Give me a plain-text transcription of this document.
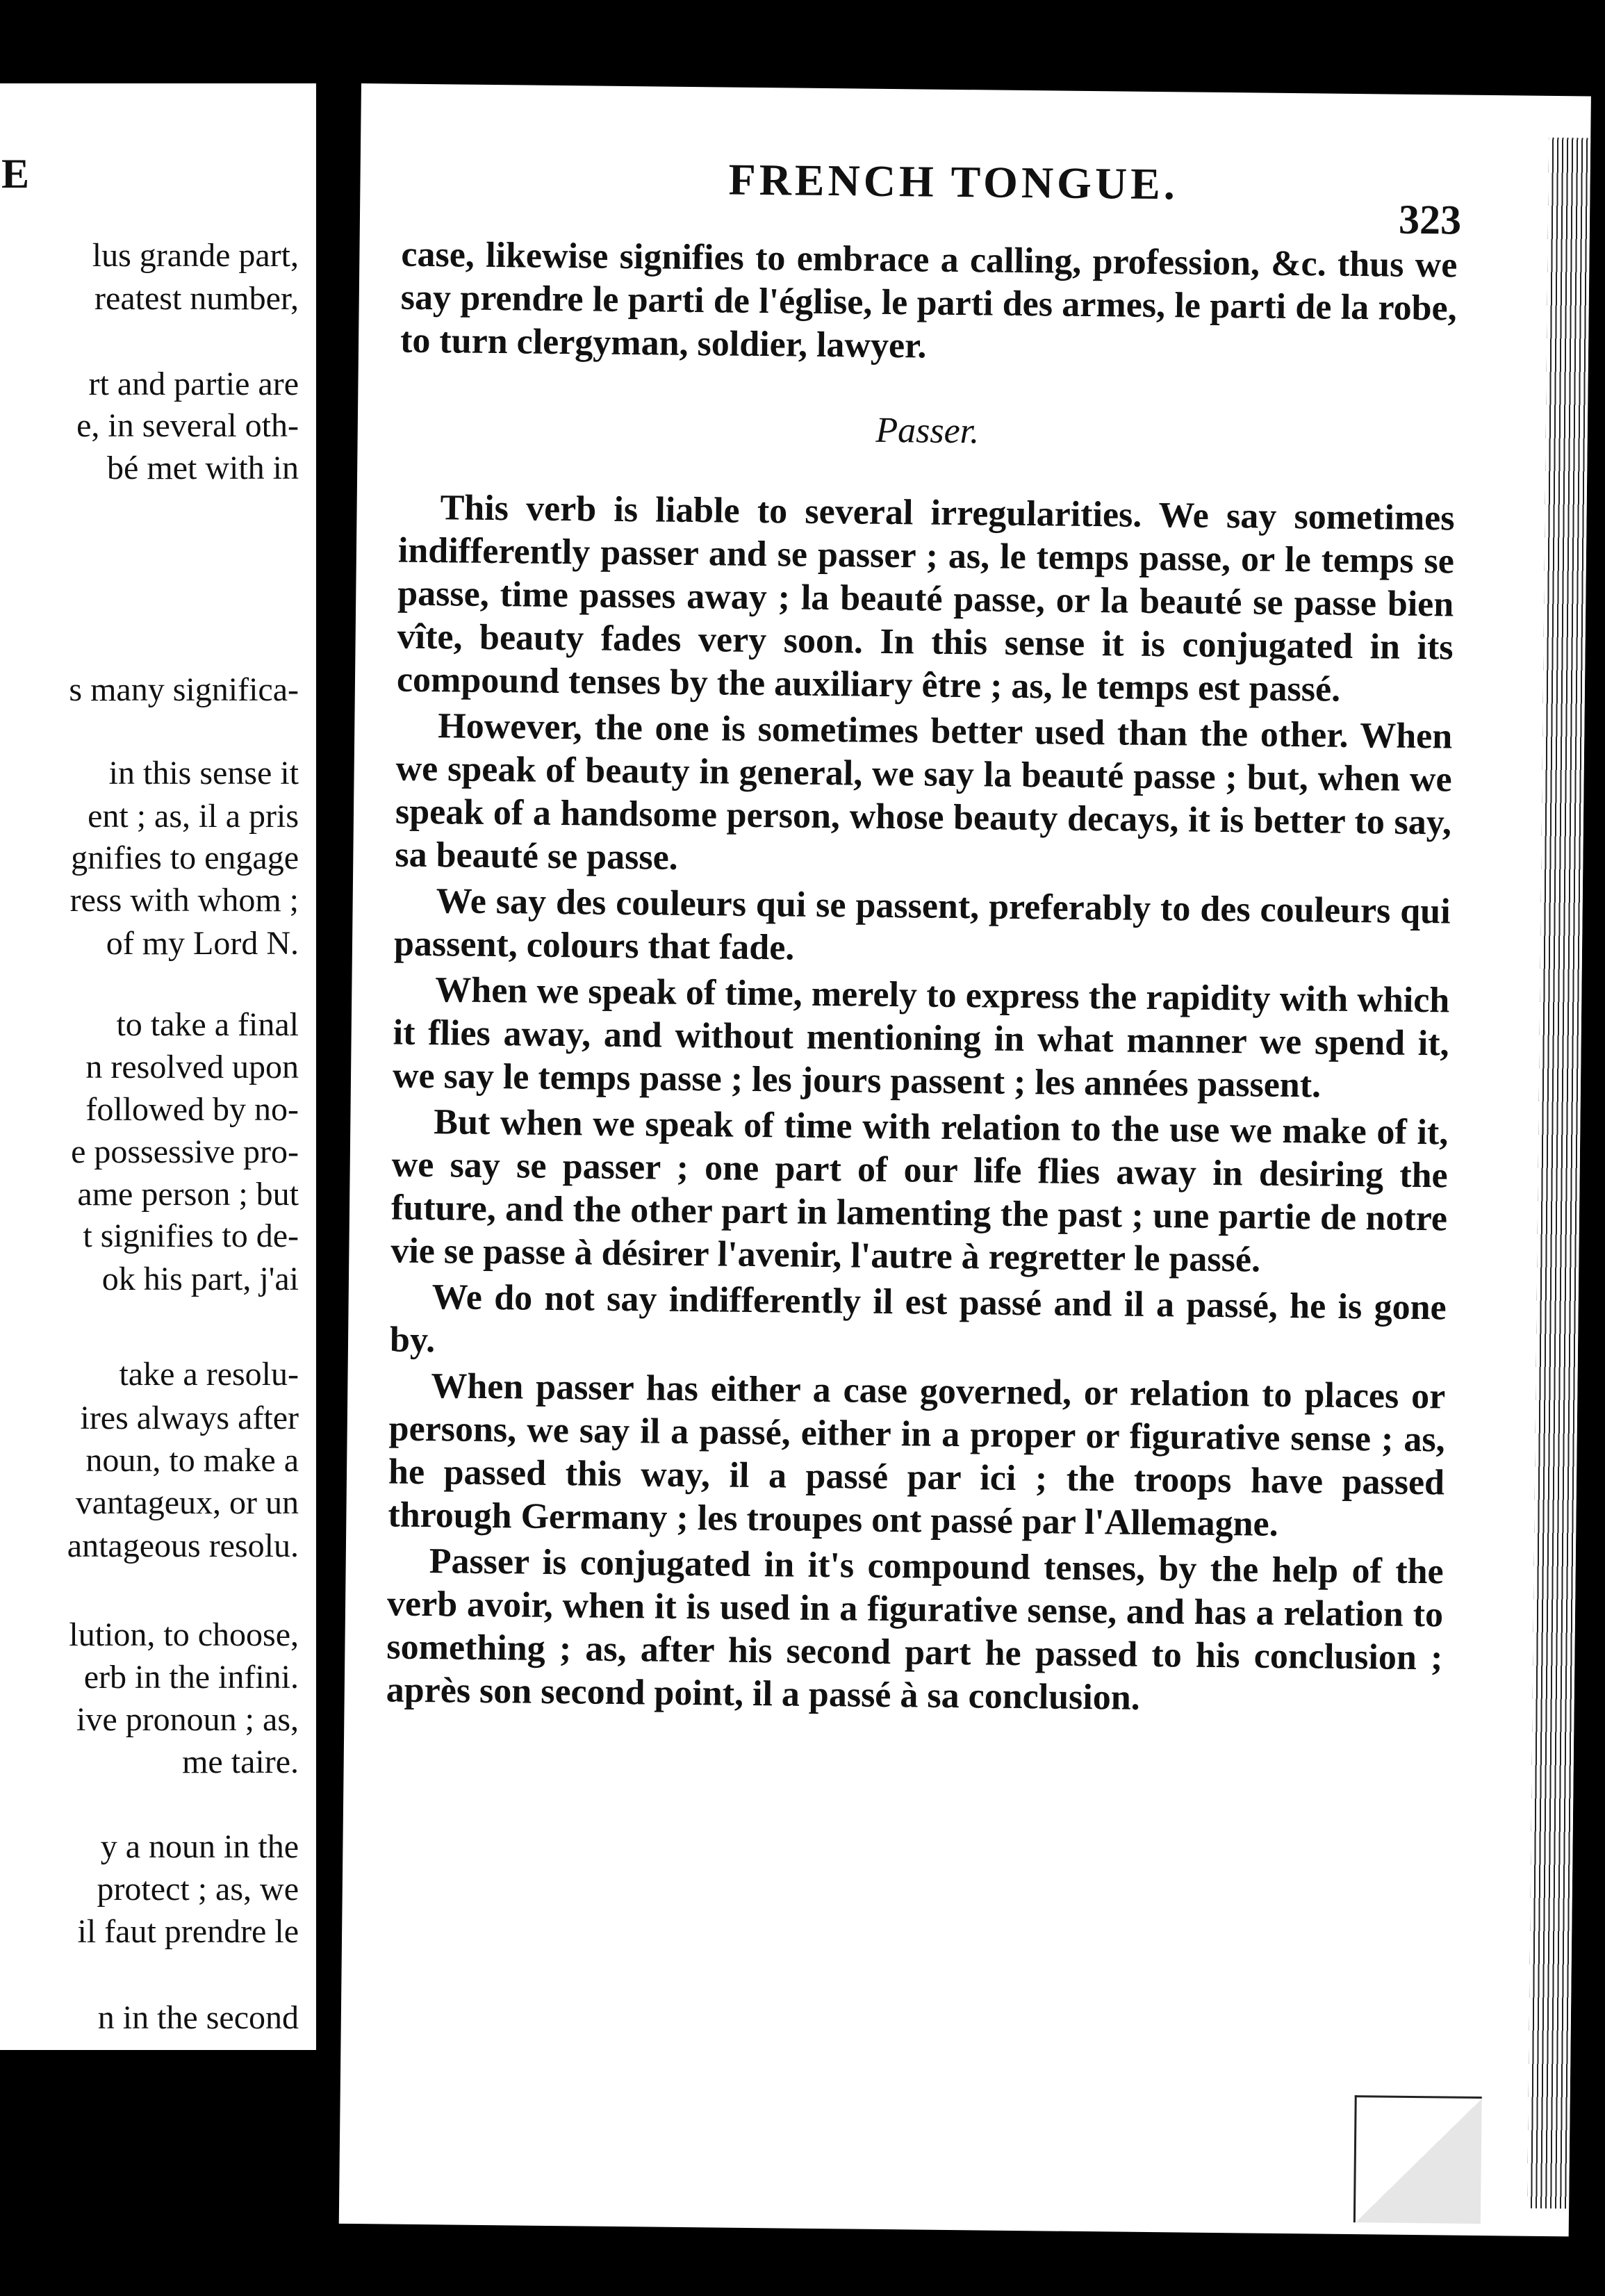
E
lus grande part,
reatest number,
rt and partie are
e, in several oth-
bé met with in
s many significa-
in this sense it
ent ; as, il a pris
gnifies to engage
ress with whom ;
of my Lord N.
to take a final
n resolved upon
followed by no-
e possessive pro-
ame person ; but
t signifies to de-
ok his part, j'ai
take a resolu-
ires always after
noun, to make a
vantageux, or un
antageous resolu.
lution, to choose,
erb in the infini.
ive pronoun ; as,
me taire.
y a noun in the
protect ; as, we
il faut prendre le
n in the second
FRENCH TONGUE.
323

case, likewise signifies to embrace a calling, profession, &c. thus we say prendre le parti de l'église, le parti des armes, le parti de la robe, to turn clergyman, soldier, lawyer.

Passer.

This verb is liable to several irregularities. We say sometimes indifferently passer and se passer ; as, le temps passe, or le temps se passe, time passes away ; la beauté passe, or la beauté se passe bien vîte, beauty fades very soon. In this sense it is conjugated in its compound tenses by the auxiliary être ; as, le temps est passé.

However, the one is sometimes better used than the other. When we speak of beauty in general, we say la beauté passe ; but, when we speak of a handsome person, whose beauty decays, it is better to say, sa beauté se passe.

We say des couleurs qui se passent, preferably to des couleurs qui passent, colours that fade.

When we speak of time, merely to express the rapidity with which it flies away, and without mentioning in what manner we spend it, we say le temps passe ; les jours passent ; les années passent.

But when we speak of time with relation to the use we make of it, we say se passer ; one part of our life flies away in desiring the future, and the other part in lamenting the past ; une partie de notre vie se passe à désirer l'avenir, l'autre à regretter le passé.

We do not say indifferently il est passé and il a passé, he is gone by.

When passer has either a case governed, or relation to places or persons, we say il a passé, either in a proper or figurative sense ; as, he passed this way, il a passé par ici ; the troops have passed through Germany ; les troupes ont passé par l'Allemagne.

Passer is conjugated in it's compound tenses, by the help of the verb avoir, when it is used in a figurative sense, and has a relation to something ; as, after his second part he passed to his conclusion ; après son second point, il a passé à sa conclusion.
